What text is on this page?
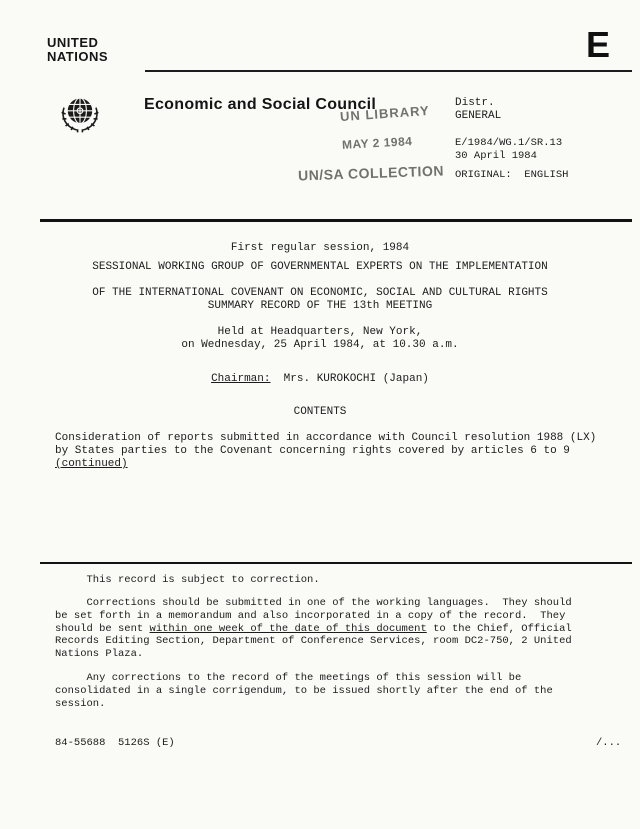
UNITED
NATIONS	E
Economic and Social Council
UN LIBRARY
MAY 2 1984
UN/SA COLLECTION
Distr.
GENERAL
E/1984/WG.1/SR.13
30 April 1984
ORIGINAL:  ENGLISH
First regular session, 1984
SESSIONAL WORKING GROUP OF GOVERNMENTAL EXPERTS ON THE IMPLEMENTATION

OF THE INTERNATIONAL COVENANT ON ECONOMIC, SOCIAL AND CULTURAL RIGHTS
SUMMARY RECORD OF THE 13th MEETING
Held at Headquarters, New York,
on Wednesday, 25 April 1984, at 10.30 a.m.
Chairman:  Mrs. KUROKOCHI (Japan)
CONTENTS
Consideration of reports submitted in accordance with Council resolution 1988 (LX)
by States parties to the Covenant concerning rights covered by articles 6 to 9
(continued)
This record is subject to correction.
Corrections should be submitted in one of the working languages.  They should
be set forth in a memorandum and also incorporated in a copy of the record.  They
should be sent within one week of the date of this document to the Chief, Official
Records Editing Section, Department of Conference Services, room DC2-750, 2 United
Nations Plaza.
Any corrections to the record of the meetings of this session will be
consolidated in a single corrigendum, to be issued shortly after the end of the
session.
84-55688  5126S (E)	/...
